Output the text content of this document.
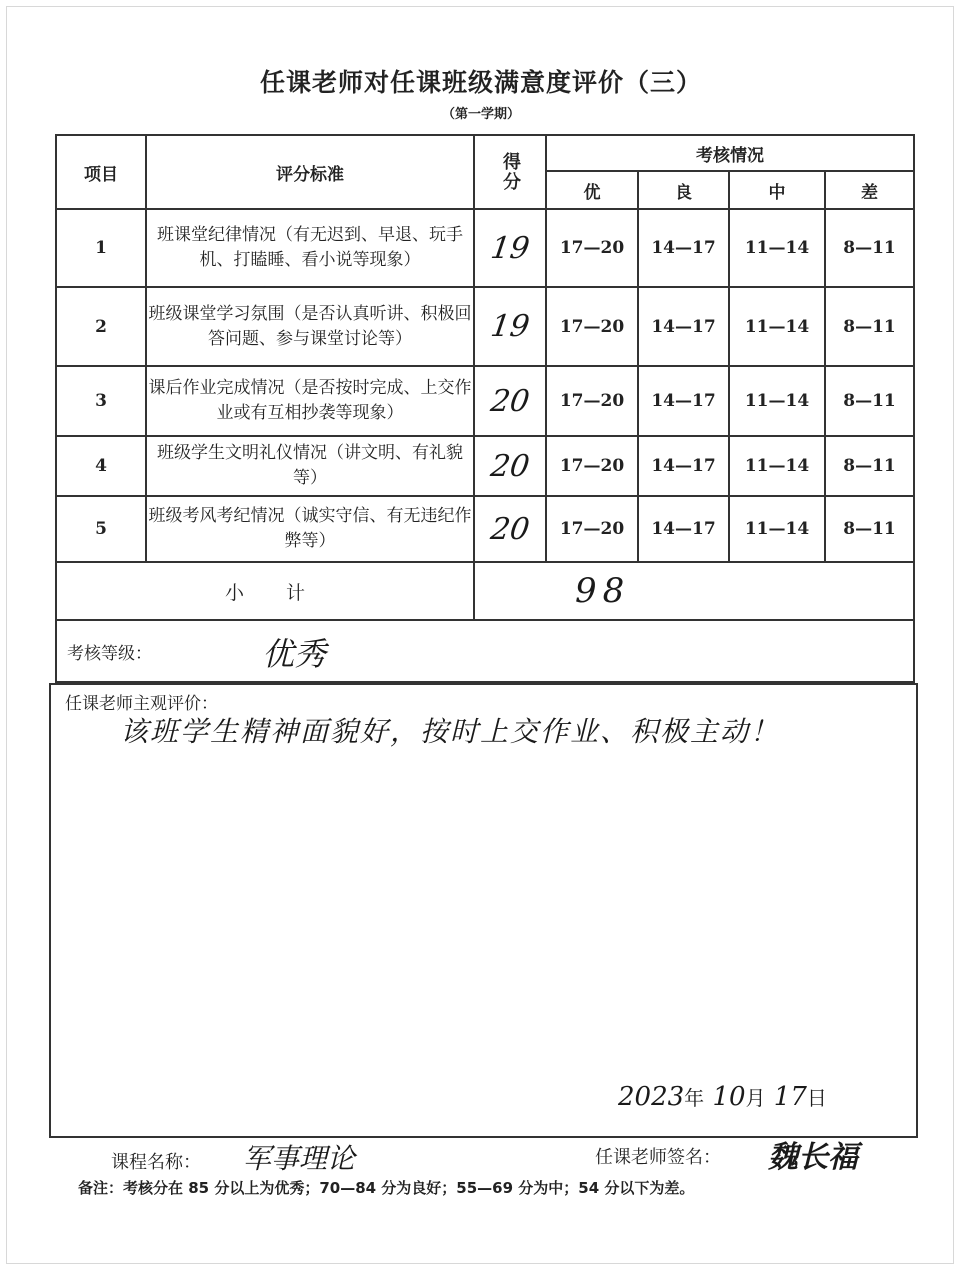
任课老师对任课班级满意度评价（三）
（第一学期）
项目	评分标准	得分	考核情况			
			优	良	中	差
1	班课堂纪律情况（有无迟到、早退、玩手机、打瞌睡、看小说等现象）	19	17—20	14—17	11—14	8—11
2	班级课堂学习氛围（是否认真听讲、积极回答问题、参与课堂讨论等）	19	17—20	14—17	11—14	8—11
3	课后作业完成情况（是否按时完成、上交作业或有互相抄袭等现象）	20	17—20	14—17	11—14	8—11
4	班级学生文明礼仪情况（讲文明、有礼貌等）	20	17—20	14—17	11—14	8—11
5	班级考风考纪情况（诚实守信、有无违纪作弊等）	20	17—20	14—17	11—14	8—11
小计		98				
考核等级：	优秀
任课老师主观评价：
该班学生精神面貌好，按时上交作业、积极主动！
2023年 10月 17日
课程名称： 军事理论	任课老师签名： 魏长福
备注：考核分在 85 分以上为优秀；70—84 分为良好；55—69 分为中；54 分以下为差。
